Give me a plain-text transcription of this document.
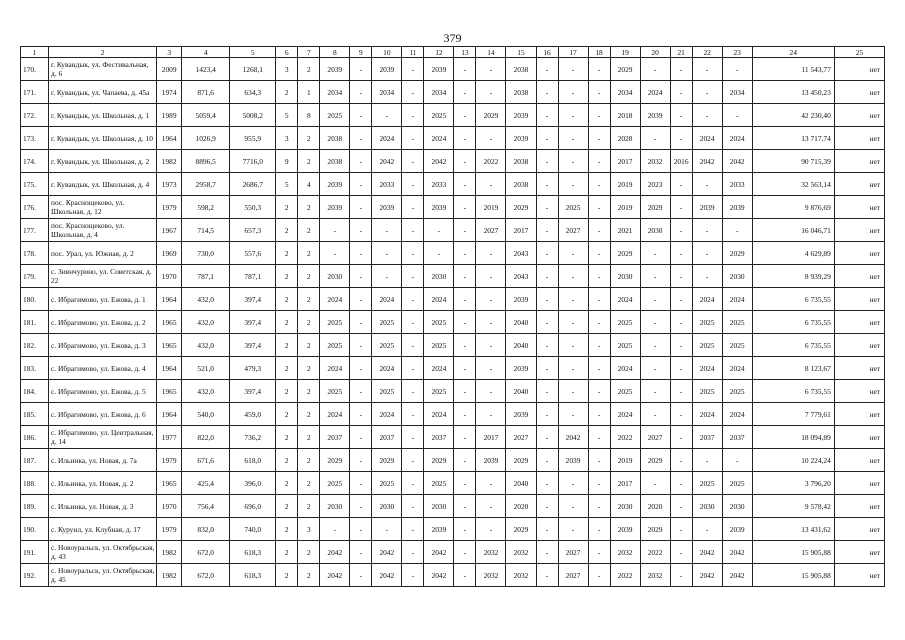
379
1	2	3	4	5	6	7	8	9	10	11	12	13	14	15	16	17	18	19	20	21	22	23	24	25
170.	г. Кувандык, ул. Фестивальная, д. 6	2009	1423,4	1268,1	3	2	2039	-	2039	-	2039	-	-	2038	-	-	-	2029	-	-	-	-	11 543,77	нет
171.	г. Кувандык, ул. Чапаева, д. 45а	1974	871,6	634,3	2	1	2034	-	2034	-	2034	-	-	2038	-	-	-	2034	2024	-	-	2034	13 450,23	нет
172.	г. Кувандык, ул. Школьная, д. 1	1989	5059,4	5008,2	5	8	2025	-	-	-	2025	-	2029	2039	-	-	-	2018	2039	-	-	-	42 230,40	нет
173.	г. Кувандык, ул. Школьная, д. 10	1964	1026,9	955,9	3	2	2038	-	2024	-	2024	-	-	2039	-	-	-	2028	-	-	2024	2024	13 717,74	нет
174.	г. Кувандык, ул. Школьная, д. 2	1982	8896,5	7716,0	9	2	2038	-	2042	-	2042	-	2022	2038	-	-	-	2017	2032	2016	2042	2042	90 715,39	нет
175.	г. Кувандык, ул. Школьная, д. 4	1973	2958,7	2686,7	5	4	2039	-	2033	-	2033	-	-	2038	-	-	-	2019	2023	-	-	2033	32 563,14	нет
176.	пос. Краснощеково, ул. Школьная, д. 12	1979	598,2	550,3	2	2	2039	-	2039	-	2039	-	2019	2029	-	2025	-	2019	2029	-	2039	2039	9 876,69	нет
177.	пос. Краснощеково, ул. Школьная, д. 4	1967	714,5	657,3	2	2	-	-	-	-	-	-	2027	2017	-	2027	-	2021	2030	-	-	-	16 046,71	нет
178.	пос. Урал, ул. Южная, д. 2	1969	730,0	557,6	2	2	-	-	-	-	-	-	-	2043	-	-	-	2029	-	-	-	2029	4 629,89	нет
179.	с. Зиянчурино, ул. Советская, д. 22	1970	787,1	787,1	2	2	2030	-	-	-	2030	-	-	2043	-	-	-	2030	-	-	-	2030	8 939,29	нет
180.	с. Ибрагимово, ул. Ежова, д. 1	1964	432,0	397,4	2	2	2024	-	2024	-	2024	-	-	2039	-	-	-	2024	-	-	2024	2024	6 735,55	нет
181.	с. Ибрагимово, ул. Ежова, д. 2	1965	432,0	397,4	2	2	2025	-	2025	-	2025	-	-	2040	-	-	-	2025	-	-	2025	2025	6 735,55	нет
182.	с. Ибрагимово, ул. Ежова, д. 3	1965	432,0	397,4	2	2	2025	-	2025	-	2025	-	-	2040	-	-	-	2025	-	-	2025	2025	6 735,55	нет
183.	с. Ибрагимово, ул. Ежова, д. 4	1964	521,0	479,3	2	2	2024	-	2024	-	2024	-	-	2039	-	-	-	2024	-	-	2024	2024	8 123,67	нет
184.	с. Ибрагимово, ул. Ежова, д. 5	1965	432,0	397,4	2	2	2025	-	2025	-	2025	-	-	2040	-	-	-	2025	-	-	2025	2025	6 735,55	нет
185.	с. Ибрагимово, ул. Ежова, д. 6	1964	540,0	459,0	2	2	2024	-	2024	-	2024	-	-	2039	-	-	-	2024	-	-	2024	2024	7 779,61	нет
186.	с. Ибрагимово, ул. Центральная, д. 14	1977	822,0	736,2	2	2	2037	-	2037	-	2037	-	2017	2027	-	2042	-	2022	2027	-	2037	2037	18 094,89	нет
187.	с. Ильинка, ул. Новая, д. 7а	1979	671,6	618,0	2	2	2029	-	2029	-	2029	-	2039	2029	-	2039	-	2019	2029	-	-	-	10 224,24	нет
188.	с. Ильинка, ул. Новая, д. 2	1965	425,4	396,0	2	2	2025	-	2025	-	2025	-	-	2040	-	-	-	2017	-	-	2025	2025	3 796,20	нет
189.	с. Ильинка, ул. Новая, д. 3	1970	756,4	696,0	2	2	2030	-	2030	-	2030	-	-	2020	-	-	-	2030	2020	-	2030	2030	9 578,42	нет
190.	с. Куруил, ул. Клубная, д. 17	1979	832,0	740,0	2	3	-	-	-	-	2039	-	-	2029	-	-	-	2039	2029	-	-	2039	13 431,62	нет
191.	с. Новоуральск, ул. Октябрьская, д. 43	1982	672,0	618,3	2	2	2042	-	2042	-	2042	-	2032	2032	-	2027	-	2032	2022	-	2042	2042	15 905,88	нет
192.	с. Новоуральск, ул. Октябрьская, д. 45	1982	672,0	618,3	2	2	2042	-	2042	-	2042	-	2032	2032	-	2027	-	2022	2032	-	2042	2042	15 905,88	нет
